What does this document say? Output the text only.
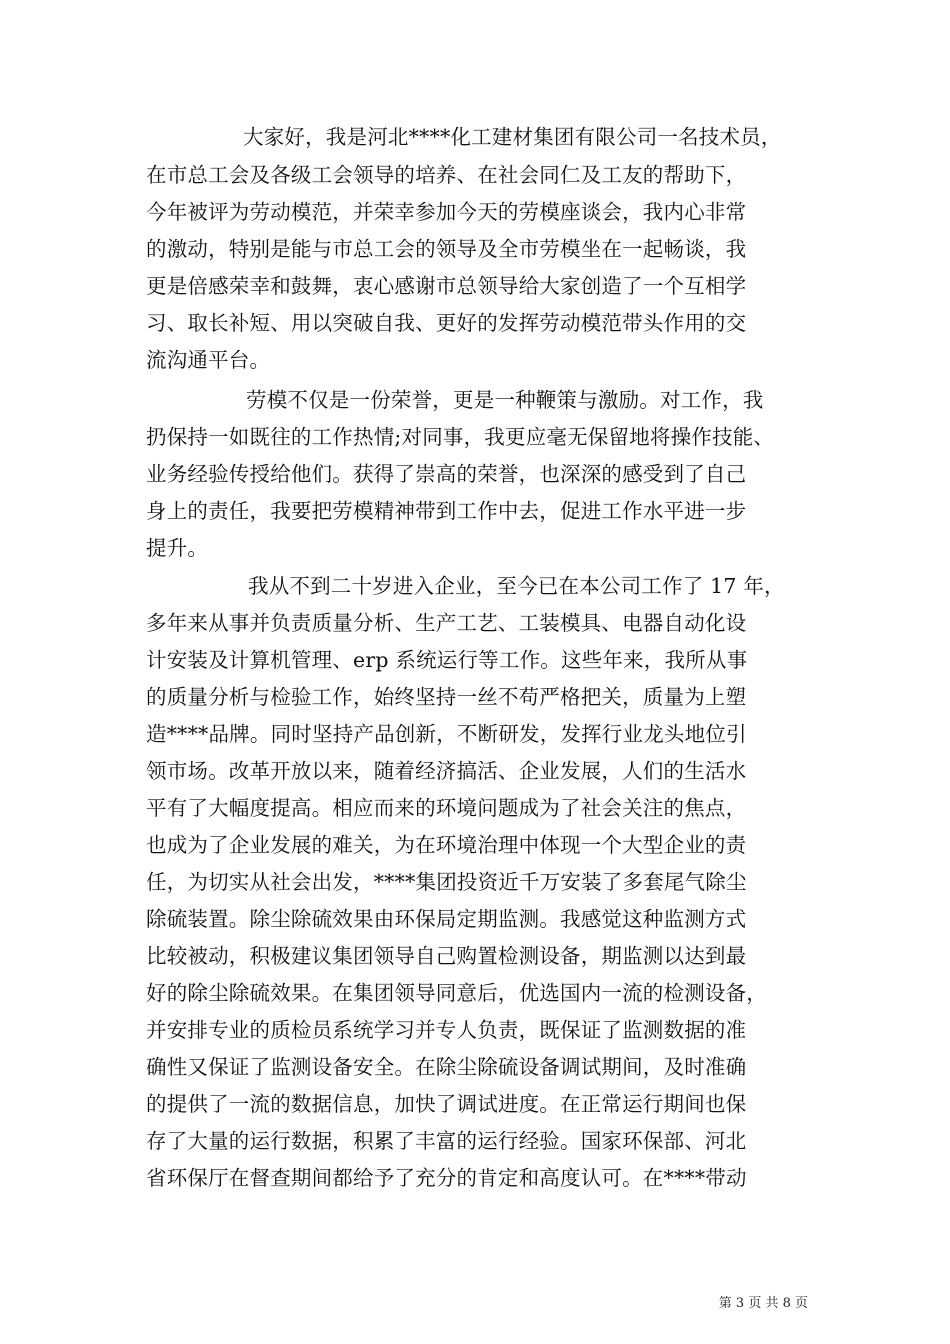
大家好，我是河北****化工建材集团有限公司一名技术员，
在市总工会及各级工会领导的培养、在社会同仁及工友的帮助下，
今年被评为劳动模范，并荣幸参加今天的劳模座谈会，我内心非常
的激动，特别是能与市总工会的领导及全市劳模坐在一起畅谈，我
更是倍感荣幸和鼓舞，衷心感谢市总领导给大家创造了一个互相学
习、取长补短、用以突破自我、更好的发挥劳动模范带头作用的交
流沟通平台。
劳模不仅是一份荣誉，更是一种鞭策与激励。对工作，我
扔保持一如既往的工作热情;对同事，我更应毫无保留地将操作技能、
业务经验传授给他们。获得了崇高的荣誉，也深深的感受到了自己
身上的责任，我要把劳模精神带到工作中去，促进工作水平进一步
提升。
我从不到二十岁进入企业，至今已在本公司工作了 17 年，
多年来从事并负责质量分析、生产工艺、工装模具、电器自动化设
计安装及计算机管理、erp 系统运行等工作。这些年来，我所从事
的质量分析与检验工作，始终坚持一丝不苟严格把关，质量为上塑
造****品牌。同时坚持产品创新，不断研发，发挥行业龙头地位引
领市场。改革开放以来，随着经济搞活、企业发展，人们的生活水
平有了大幅度提高。相应而来的环境问题成为了社会关注的焦点，
也成为了企业发展的难关，为在环境治理中体现一个大型企业的责
任，为切实从社会出发，****集团投资近千万安装了多套尾气除尘
除硫装置。除尘除硫效果由环保局定期监测。我感觉这种监测方式
比较被动，积极建议集团领导自己购置检测设备，期监测以达到最
好的除尘除硫效果。在集团领导同意后，优选国内一流的检测设备，
并安排专业的质检员系统学习并专人负责，既保证了监测数据的准
确性又保证了监测设备安全。在除尘除硫设备调试期间，及时准确
的提供了一流的数据信息，加快了调试进度。在正常运行期间也保
存了大量的运行数据，积累了丰富的运行经验。国家环保部、河北
省环保厅在督查期间都给予了充分的肯定和高度认可。在****带动
第 3 页 共 8 页
